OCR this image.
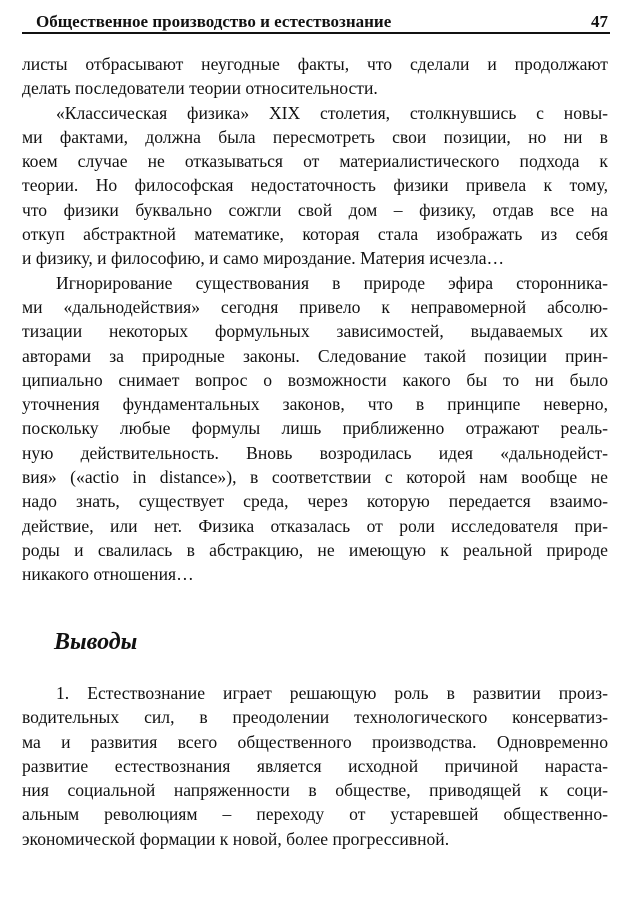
Общественное производство и естествознание	47
листы отбрасывают неугодные факты, что сделали и продолжают
делать последователи теории относительности.
«Классическая физика» XIX столетия, столкнувшись с новы-
ми фактами, должна была пересмотреть свои позиции, но ни в
коем случае не отказываться от материалистического подхода к
теории. Но философская недостаточность физики привела к тому,
что физики буквально сожгли свой дом – физику, отдав все на
откуп абстрактной математике, которая стала изображать из себя
и физику, и философию, и само мироздание. Материя исчезла…
Игнорирование существования в природе эфира сторонника-
ми «дальнодействия» сегодня привело к неправомерной абсолю-
тизации некоторых формульных зависимостей, выдаваемых их
авторами за природные законы. Следование такой позиции прин-
ципиально снимает вопрос о возможности какого бы то ни было
уточнения фундаментальных законов, что в принципе неверно,
поскольку любые формулы лишь приближенно отражают реаль-
ную действительность. Вновь возродилась идея «дальнодейст-
вия» («actio in distance»), в соответствии с которой нам вообще не
надо знать, существует среда, через которую передается взаимо-
действие, или нет. Физика отказалась от роли исследователя при-
роды и свалилась в абстракцию, не имеющую к реальной природе
никакого отношения…
Выводы
1. Естествознание играет решающую роль в развитии произ-
водительных сил, в преодолении технологического консерватиз-
ма и развития всего общественного производства. Одновременно
развитие естествознания является исходной причиной нараста-
ния социальной напряженности в обществе, приводящей к соци-
альным революциям – переходу от устаревшей общественно-
экономической формации к новой, более прогрессивной.
